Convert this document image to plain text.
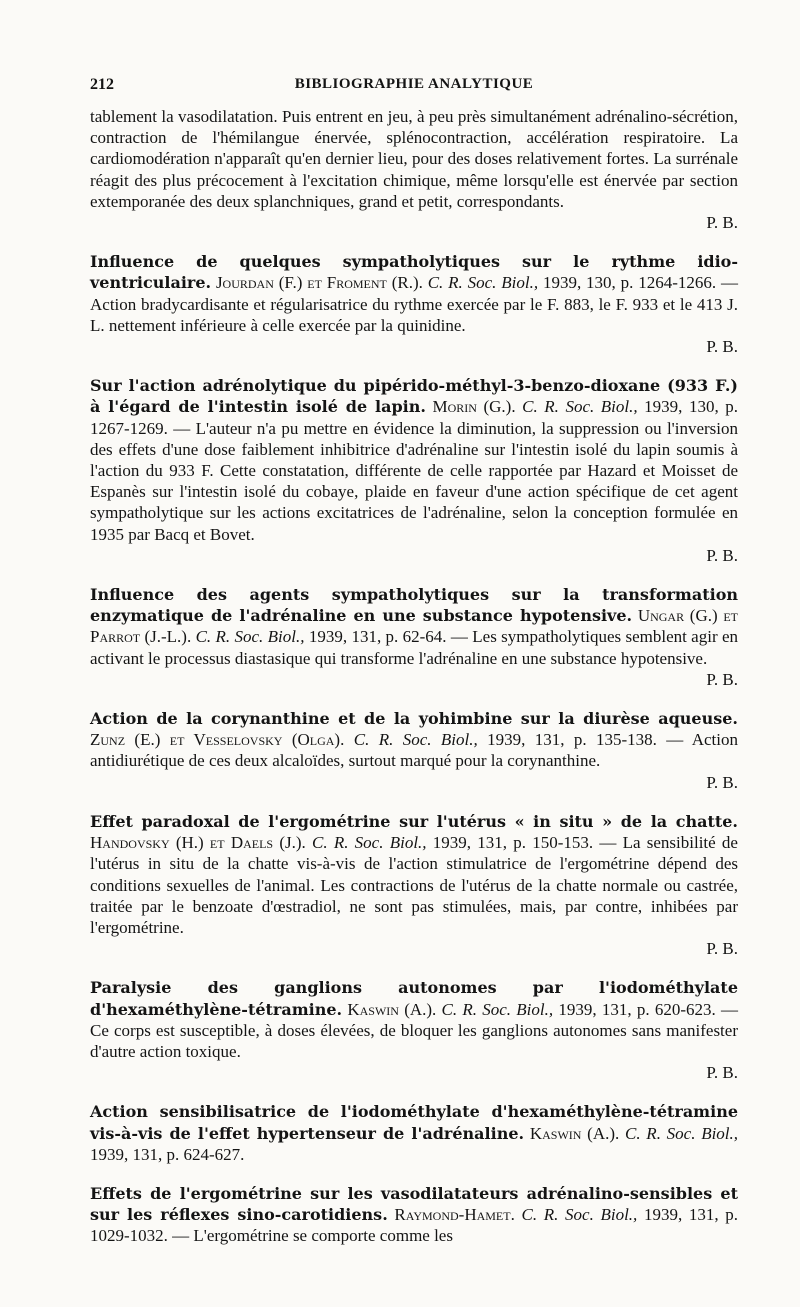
212	BIBLIOGRAPHIE ANALYTIQUE

tablement la vasodilatation. Puis entrent en jeu, à peu près simultanément adrénalino-sécrétion, contraction de l'hémilangue énervée, splénocontraction, accélération respiratoire. La cardiomodération n'apparaît qu'en dernier lieu, pour des doses relativement fortes. La surrénale réagit des plus précocement à l'excitation chimique, même lorsqu'elle est énervée par section extemporanée des deux splanchniques, grand et petit, correspondants.
P. B.

Influence de quelques sympatholytiques sur le rythme idio-ventriculaire. Jourdan (F.) et Froment (R.). C. R. Soc. Biol., 1939, 130, p. 1264-1266. — Action bradycardisante et régularisatrice du rythme exercée par le F. 883, le F. 933 et le 413 J. L. nettement inférieure à celle exercée par la quinidine.
P. B.

Sur l'action adrénolytique du pipérido-méthyl-3-benzo-dioxane (933 F.) à l'égard de l'intestin isolé de lapin. Morin (G.). C. R. Soc. Biol., 1939, 130, p. 1267-1269. — L'auteur n'a pu mettre en évidence la diminution, la suppression ou l'inversion des effets d'une dose faiblement inhibitrice d'adrénaline sur l'intestin isolé du lapin soumis à l'action du 933 F. Cette constatation, différente de celle rapportée par Hazard et Moisset de Espanès sur l'intestin isolé du cobaye, plaide en faveur d'une action spécifique de cet agent sympatholytique sur les actions excitatrices de l'adrénaline, selon la conception formulée en 1935 par Bacq et Bovet.
P. B.

Influence des agents sympatholytiques sur la transformation enzymatique de l'adrénaline en une substance hypotensive. Ungar (G.) et Parrot (J.-L.). C. R. Soc. Biol., 1939, 131, p. 62-64. — Les sympatholytiques semblent agir en activant le processus diastasique qui transforme l'adrénaline en une substance hypotensive.
P. B.

Action de la corynanthine et de la yohimbine sur la diurèse aqueuse. Zunz (E.) et Vesselovsky (Olga). C. R. Soc. Biol., 1939, 131, p. 135-138. — Action antidiurétique de ces deux alcaloïdes, surtout marqué pour la corynanthine.
P. B.

Effet paradoxal de l'ergométrine sur l'utérus « in situ » de la chatte. Handovsky (H.) et Daels (J.). C. R. Soc. Biol., 1939, 131, p. 150-153. — La sensibilité de l'utérus in situ de la chatte vis-à-vis de l'action stimulatrice de l'ergométrine dépend des conditions sexuelles de l'animal. Les contractions de l'utérus de la chatte normale ou castrée, traitée par le benzoate d'œstradiol, ne sont pas stimulées, mais, par contre, inhibées par l'ergométrine.
P. B.

Paralysie des ganglions autonomes par l'iodométhylate d'hexaméthylène-tétramine. Kaswin (A.). C. R. Soc. Biol., 1939, 131, p. 620-623. — Ce corps est susceptible, à doses élevées, de bloquer les ganglions autonomes sans manifester d'autre action toxique.
P. B.

Action sensibilisatrice de l'iodométhylate d'hexaméthylène-tétramine vis-à-vis de l'effet hypertenseur de l'adrénaline. Kaswin (A.). C. R. Soc. Biol., 1939, 131, p. 624-627.

Effets de l'ergométrine sur les vasodilatateurs adrénalino-sensibles et sur les réflexes sino-carotidiens. Raymond-Hamet. C. R. Soc. Biol., 1939, 131, p. 1029-1032. — L'ergométrine se comporte comme les
